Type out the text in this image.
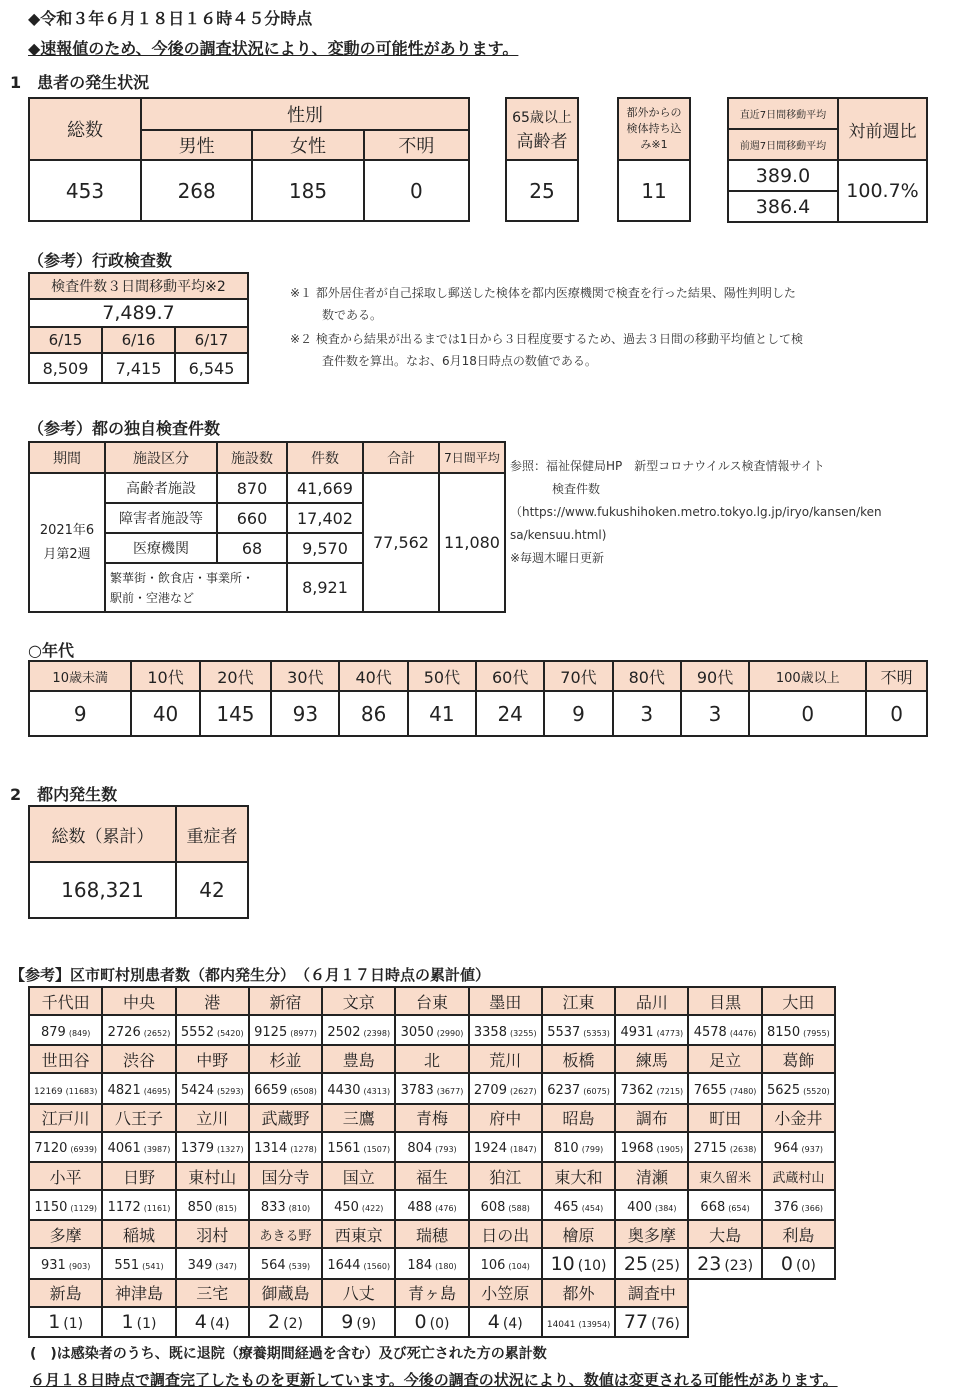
◆令和３年６月１８日１６時４５分時点
◆速報値のため、今後の調査状況により、変動の可能性があります。
1　患者の発生状況
総数	性別		
	男性	女性	不明
453	268	185	0
65歳以上
高齢者

25
都外からの
検体持ち込
み※1

11
直近7日間移動平均	対前週比
前週7日間移動平均	
389.0	100.7%
386.4	
（参考）行政検査数
検査件数３日間移動平均※2		
7,489.7		
6/15	6/16	6/17
8,509	7,415	6,545
※１ 都外居住者が自己採取し郵送した検体を都内医療機関で検査を行った結果、陽性判明した
数である。
※２ 検査から結果が出るまでは1日から３日程度要するため、過去３日間の移動平均値として検
査件数を算出。なお、6月18日時点の数値である。
（参考）都の独自検査件数
期間	施設区分	施設数	件数	合計	7日間平均

2021年6
月第2週	高齢者施設	870	41,669	77,562	11,080
	障害者施設等	660	17,402		
	医療機関	68	9,570		

	繁華街・飲食店・事業所・
駅前・空港など		8,921		
参照：福祉保健局HP　新型コロナウイルス検査情報サイト
検査件数
（https://www.fukushihoken.metro.tokyo.lg.jp/iryo/kansen/ken
sa/kensuu.html)
※毎週木曜日更新
○年代
10歳未満	10代	20代	30代	40代	50代	60代	70代	80代	90代	100歳以上	不明
9	40	145	93	86	41	24	9	3	3	0	0
2　都内発生数
総数（累計）	重症者
168,321	42
【参考】区市町村別患者数（都内発生分）　（６月１７日時点の累計値）
千代田	中央	港	新宿	文京	台東	墨田	江東	品川	目黒	大田
879 (849)	2726 (2652)	5552 (5420)	9125 (8977)	2502 (2398)	3050 (2990)	3358 (3255)	5537 (5353)	4931 (4773)	4578 (4476)	8150 (7955)
世田谷	渋谷	中野	杉並	豊島	北	荒川	板橋	練馬	足立	葛飾
12169 (11683)	4821 (4695)	5424 (5293)	6659 (6508)	4430 (4313)	3783 (3677)	2709 (2627)	6237 (6075)	7362 (7215)	7655 (7480)	5625 (5520)
江戸川	八王子	立川	武蔵野	三鷹	青梅	府中	昭島	調布	町田	小金井
7120 (6939)	4061 (3987)	1379 (1327)	1314 (1278)	1561 (1507)	804 (793)	1924 (1847)	810 (799)	1968 (1905)	2715 (2638)	964 (937)
小平	日野	東村山	国分寺	国立	福生	狛江	東大和	清瀬	東久留米	武蔵村山
1150 (1129)	1172 (1161)	850 (815)	833 (810)	450 (422)	488 (476)	608 (588)	465 (454)	400 (384)	668 (654)	376 (366)
多摩	稲城	羽村	あきる野	西東京	瑞穂	日の出	檜原	奥多摩	大島	利島
931 (903)	551 (541)	349 (347)	564 (539)	1644 (1560)	184 (180)	106 (104)	10 (10)	25 (25)	23 (23)	0 (0)
新島	神津島	三宅	御蔵島	八丈	青ヶ島	小笠原	都外	調査中		
1 (1)	1 (1)	4 (4)	2 (2)	9 (9)	0 (0)	4 (4)	14041 (13954)	77 (76)		
(　)は感染者のうち、既に退院（療養期間経過を含む）及び死亡された方の累計数
６月１８日時点で調査完了したものを更新しています。今後の調査の状況により、数値は変更される可能性があります。
